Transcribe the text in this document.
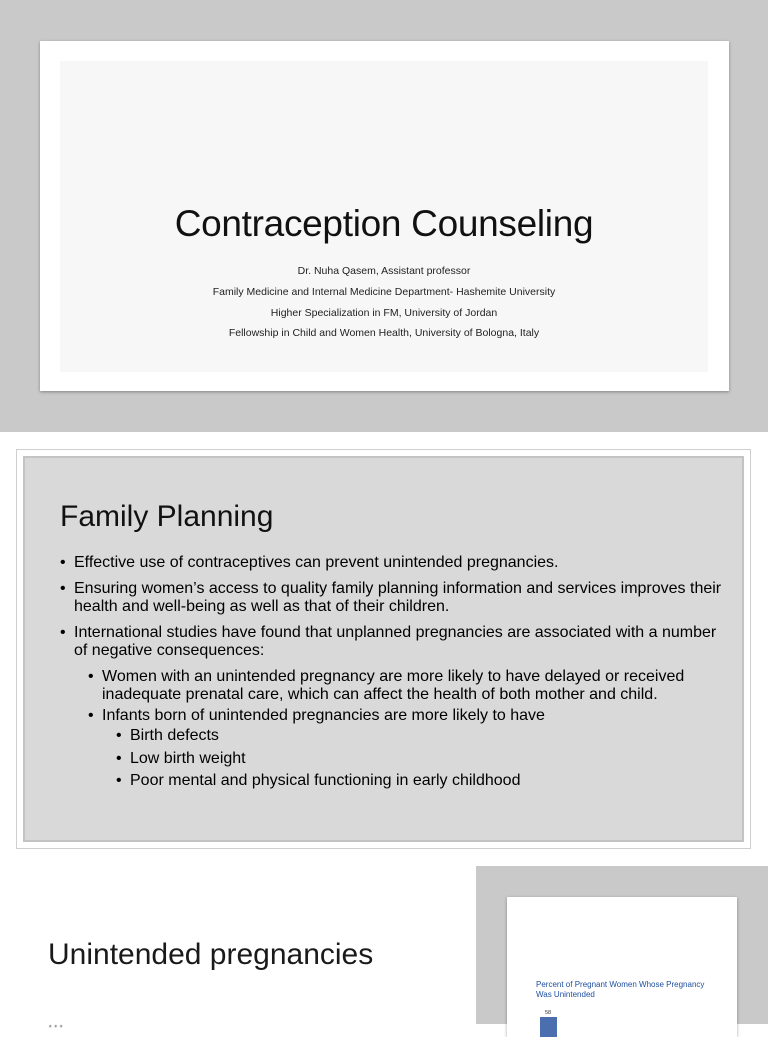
Contraception Counseling
Dr. Nuha Qasem, Assistant professor
Family Medicine and Internal Medicine Department- Hashemite University
Higher Specialization in FM, University of Jordan
Fellowship in Child and Women Health, University of Bologna, Italy
Family Planning
• Effective use of contraceptives can prevent unintended pregnancies.
• Ensuring women’s access to quality family planning information and services improves their health and well-being as well as that of their children.
• International studies have found that unplanned pregnancies are associated with a number of negative consequences:
• Women with an unintended pregnancy are more likely to have delayed or received inadequate prenatal care, which can affect the health of both mother and child.
• Infants born of unintended pregnancies are more likely to have
• Birth defects
• Low birth weight
• Poor mental and physical functioning in early childhood
Unintended pregnancies
...
Percent of Pregnant Women Whose Pregnancy Was Unintended
58
